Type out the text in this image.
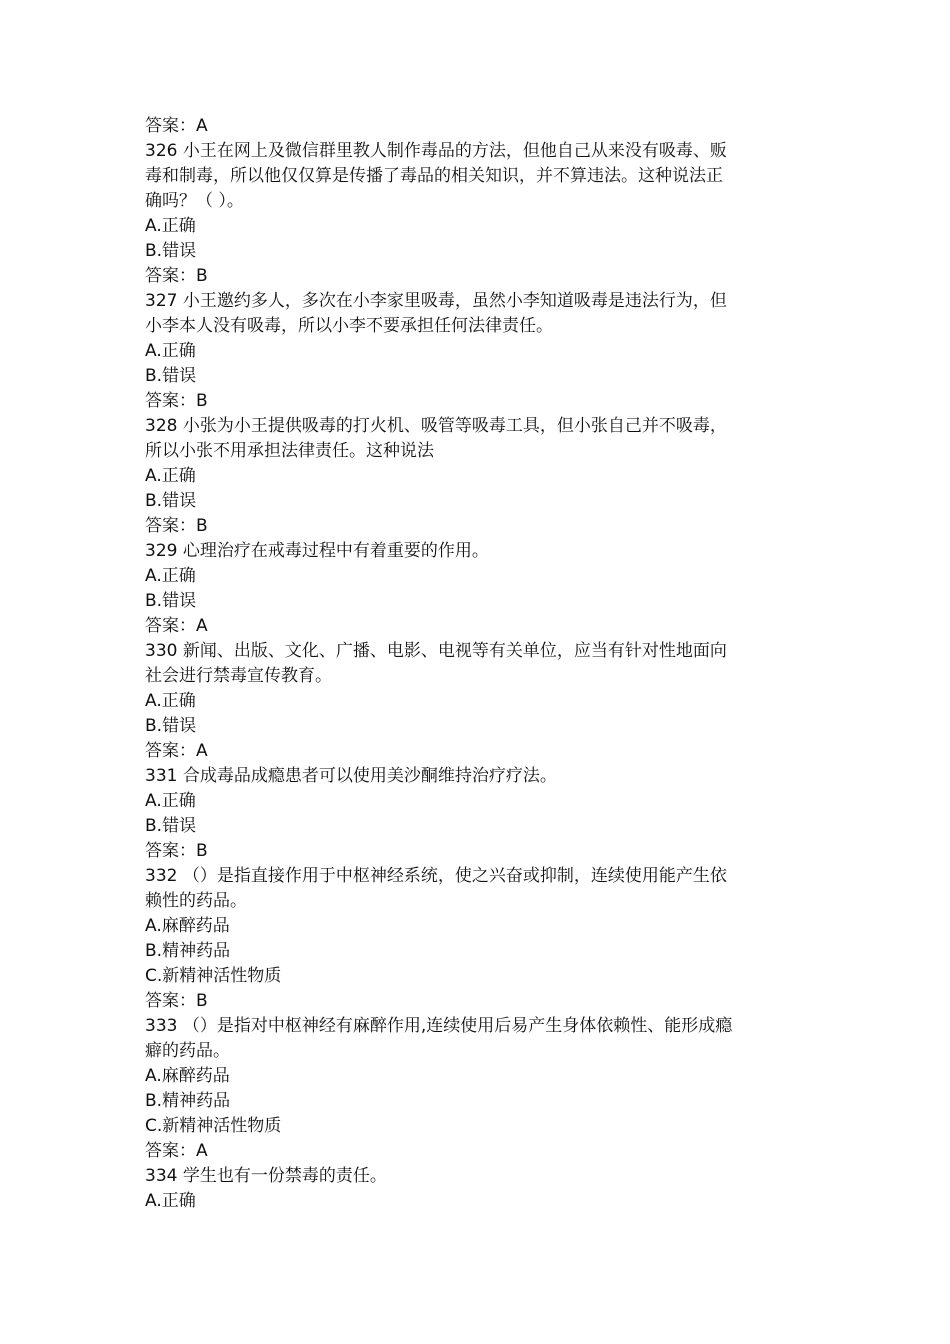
答案：A
326 小王在网上及微信群里教人制作毒品的方法，但他自己从来没有吸毒、贩
毒和制毒，所以他仅仅算是传播了毒品的相关知识，并不算违法。这种说法正
确吗？（ ）。
A.正确
B.错误
答案：B
327 小王邀约多人，多次在小李家里吸毒，虽然小李知道吸毒是违法行为，但
小李本人没有吸毒，所以小李不要承担任何法律责任。
A.正确
B.错误
答案：B
328 小张为小王提供吸毒的打火机、吸管等吸毒工具，但小张自己并不吸毒，
所以小张不用承担法律责任。这种说法
A.正确
B.错误
答案：B
329 心理治疗在戒毒过程中有着重要的作用。
A.正确
B.错误
答案：A
330 新闻、出版、文化、广播、电影、电视等有关单位，应当有针对性地面向
社会进行禁毒宣传教育。
A.正确
B.错误
答案：A
331 合成毒品成瘾患者可以使用美沙酮维持治疗疗法。
A.正确
B.错误
答案：B
332 （）是指直接作用于中枢神经系统，使之兴奋或抑制，连续使用能产生依
赖性的药品。
A.麻醉药品
B.精神药品
C.新精神活性物质
答案：B
333 （）是指对中枢神经有麻醉作用,连续使用后易产生身体依赖性、能形成瘾
癖的药品。
A.麻醉药品
B.精神药品
C.新精神活性物质
答案：A
334 学生也有一份禁毒的责任。
A.正确
